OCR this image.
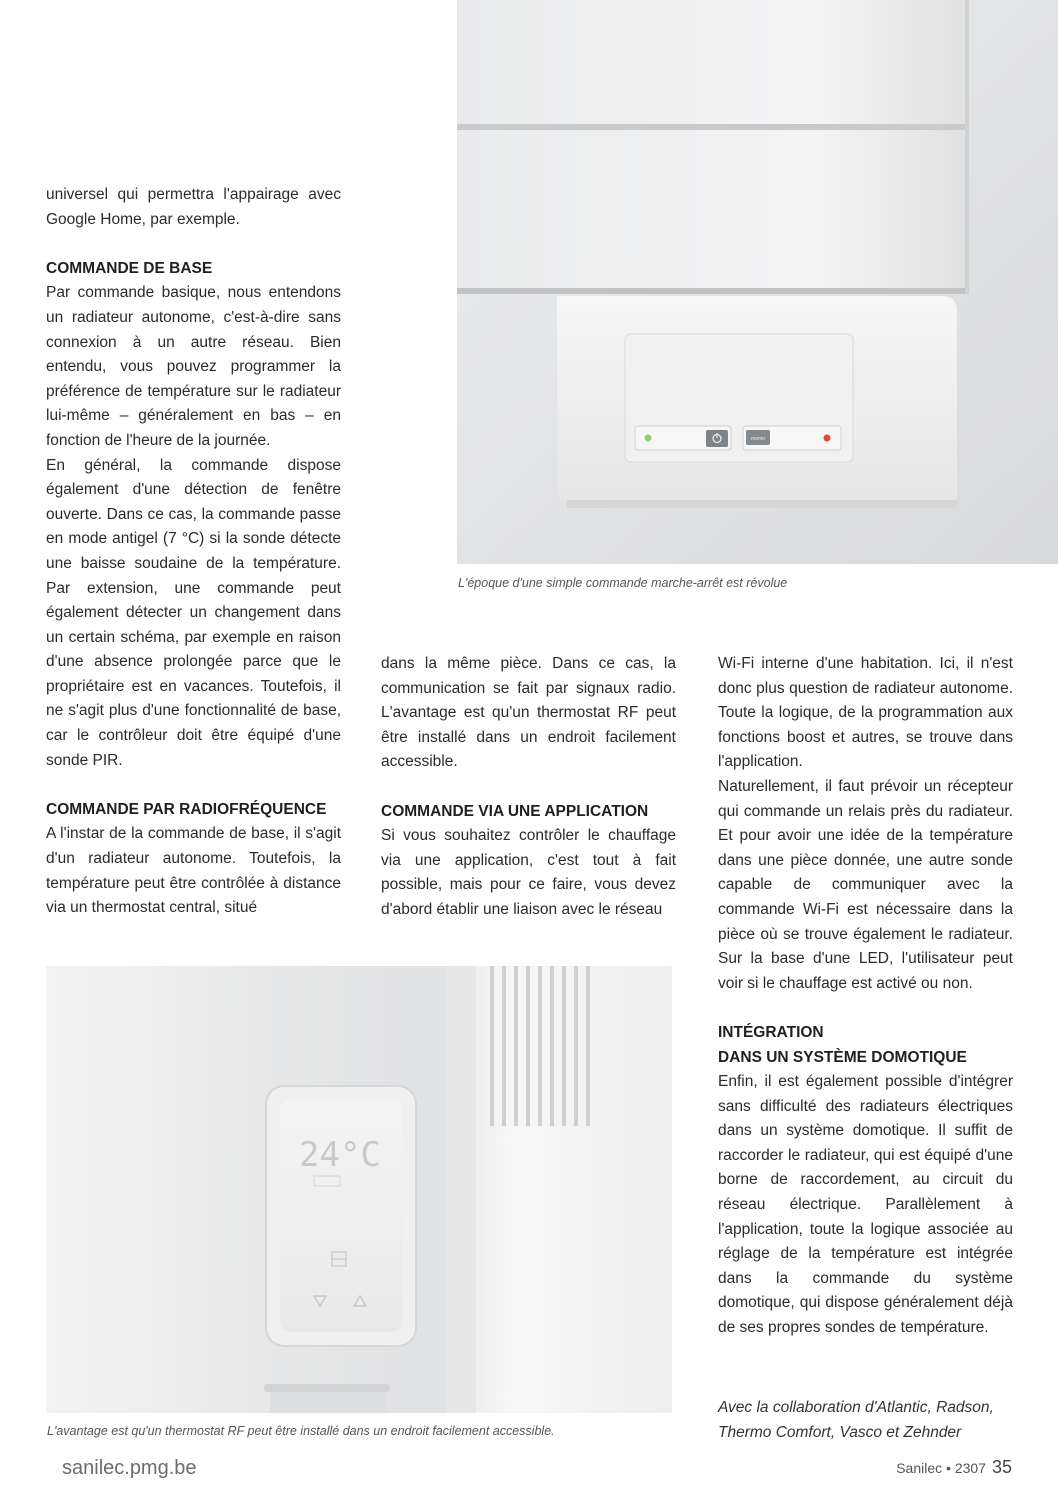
memo
L'époque d'une simple commande marche-arrêt est révolue

universel qui permettra l'appairage avec Google Home, par exemple.

COMMANDE DE BASE

Par commande basique, nous entendons un radiateur autonome, c'est-à-dire sans connexion à un autre réseau. Bien entendu, vous pouvez programmer la préférence de température sur le radiateur lui-même – généralement en bas – en fonction de l'heure de la journée.

En général, la commande dispose également d'une détection de fenêtre ouverte. Dans ce cas, la commande passe en mode antigel (7 °C) si la sonde détecte une baisse soudaine de la température. Par extension, une commande peut également détecter un changement dans un certain schéma, par exemple en raison d'une absence prolongée parce que le propriétaire est en vacances. Toutefois, il ne s'agit plus d'une fonctionnalité de base, car le contrôleur doit être équipé d'une sonde PIR.

COMMANDE PAR RADIOFRÉQUENCE

A l'instar de la commande de base, il s'agit d'un radiateur autonome. Toutefois, la température peut être contrôlée à distance via un thermostat central, situé

dans la même pièce. Dans ce cas, la communication se fait par signaux radio. L'avantage est qu'un thermostat RF peut être installé dans un endroit facilement accessible.

COMMANDE VIA UNE APPLICATION

Si vous souhaitez contrôler le chauffage via une application, c'est tout à fait possible, mais pour ce faire, vous devez d'abord établir une liaison avec le réseau

Wi-Fi interne d'une habitation. Ici, il n'est donc plus question de radiateur autonome. Toute la logique, de la programmation aux fonctions boost et autres, se trouve dans l'application.

Naturellement, il faut prévoir un récepteur qui commande un relais près du radiateur. Et pour avoir une idée de la température dans une pièce donnée, une autre sonde capable de communiquer avec la commande Wi-Fi est nécessaire dans la pièce où se trouve également le radiateur. Sur la base d'une LED, l'utilisateur peut voir si le chauffage est activé ou non.

INTÉGRATION
DANS UN SYSTÈME DOMOTIQUE

Enfin, il est également possible d'intégrer sans difficulté des radiateurs électriques dans un système domotique. Il suffit de raccorder le radiateur, qui est équipé d'une borne de raccordement, au circuit du réseau électrique. Parallèlement à l'application, toute la logique associée au réglage de la température est intégrée dans la commande du système domotique, qui dispose généralement déjà de ses propres sondes de température.

Avec la collaboration d'Atlantic, Radson, Thermo Comfort, Vasco et Zehnder
24°C
L'avantage est qu'un thermostat RF peut être installé dans un endroit facilement accessible.
sanilec.pmg.be	Sanilec • 2307 35
